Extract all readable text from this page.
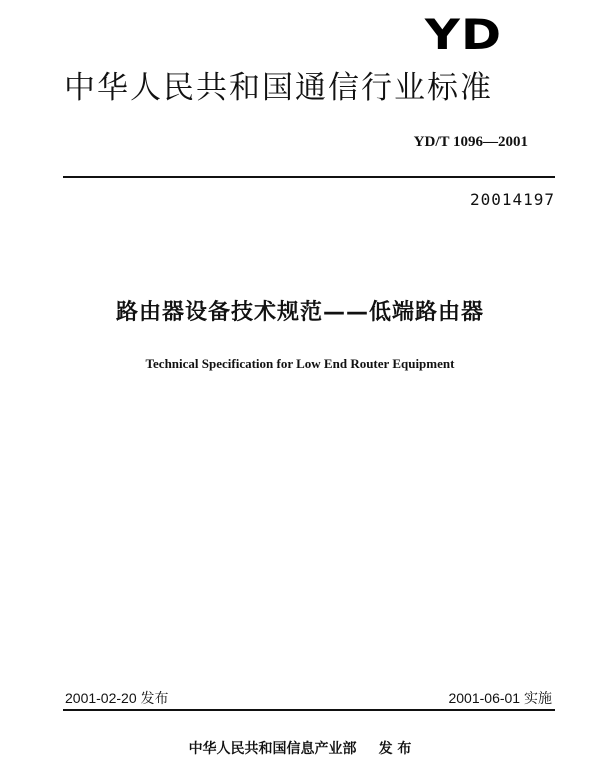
YD
中华人民共和国通信行业标准
YD/T 1096—2001
20014197
路由器设备技术规范——低端路由器
Technical Specification for Low End Router Equipment
2001-02-20 发布	2001-06-01 实施
中华人民共和国信息产业部 发 布
